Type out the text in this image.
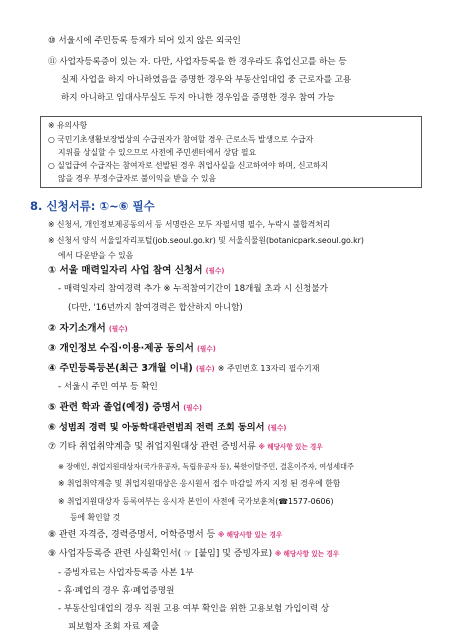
⑩ 서울시에 주민등록 등재가 되어 있지 않은 외국인
⑪ 사업자등록증이 있는 자. 다만, 사업자등록을 한 경우라도 휴업신고를 하는 등
실제 사업을 하지 아니하였음을 증명한 경우와 부동산임대업 중 근로자를 고용
하지 아니하고 임대사무실도 두지 아니한 경우임을 증명한 경우 참여 가능
※ 유의사항
○ 국민기초생활보장법상의 수급권자가 참여할 경우 근로소득 발생으로 수급자
지위를 상실할 수 있으므로 사전에 주민센터에서 상담 필요
○ 실업급여 수급자는 참여자로 선발된 경우 취업사실을 신고하여야 하며, 신고하지
않을 경우 부정수급자로 불이익을 받을 수 있음
8. 신청서류: ①~⑥ 필수
※ 신청서, 개인정보제공동의서 등 서명란은 모두 자필서명 필수, 누락시 불합격처리
※ 신청서 양식 서울일자리포털(job.seoul.go.kr) 및 서울식물원(botanicpark.seoul.go.kr)
에서 다운받을 수 있음
① 서울 매력일자리 사업 참여 신청서 (필수)
- 매력일자리 참여경력 추가 ※ 누적참여기간이 18개월 초과 시 신청불가
(다만, '16년까지 참여경력은 합산하지 아니함)
② 자기소개서 (필수)
③ 개인정보 수집·이용·제공 동의서 (필수)
④ 주민등록등본(최근 3개월 이내) (필수) ※ 주민번호 13자리 필수기재
- 서울시 주민 여부 등 확인
⑤ 관련 학과 졸업(예정) 증명서 (필수)
⑥ 성범죄 경력 및 아동학대관련범죄 전력 조회 동의서 (필수)
⑦ 기타 취업취약계층 및 취업지원대상 관련 증빙서류 ※ 해당사항 있는 경우
※ 장애인, 취업지원대상자(국가유공자, 독립유공자 등), 북한이탈주민, 결혼이주자, 여성세대주
※ 취업취약계층 및 취업지원대상은 응시원서 접수 마감일 까지 지정 된 경우에 한함
※ 취업지원대상자 등록여부는 응시자 본인이 사전에 국가보훈처(☎1577-0606)
등에 확인할 것
⑧ 관련 자격증, 경력증명서, 어학증명서 등 ※ 해당사항 있는 경우
⑨ 사업자등록증 관련 사실확인서( ☞ [붙임] 및 증빙자료) ※ 해당사항 있는 경우
- 증빙자료는 사업자등록증 사본 1부
- 휴·폐업의 경우 휴·폐업증명원
- 부동산임대업의 경우 직원 고용 여부 확인을 위한 고용보험 가입이력 상
피보험자 조회 자료 제출
